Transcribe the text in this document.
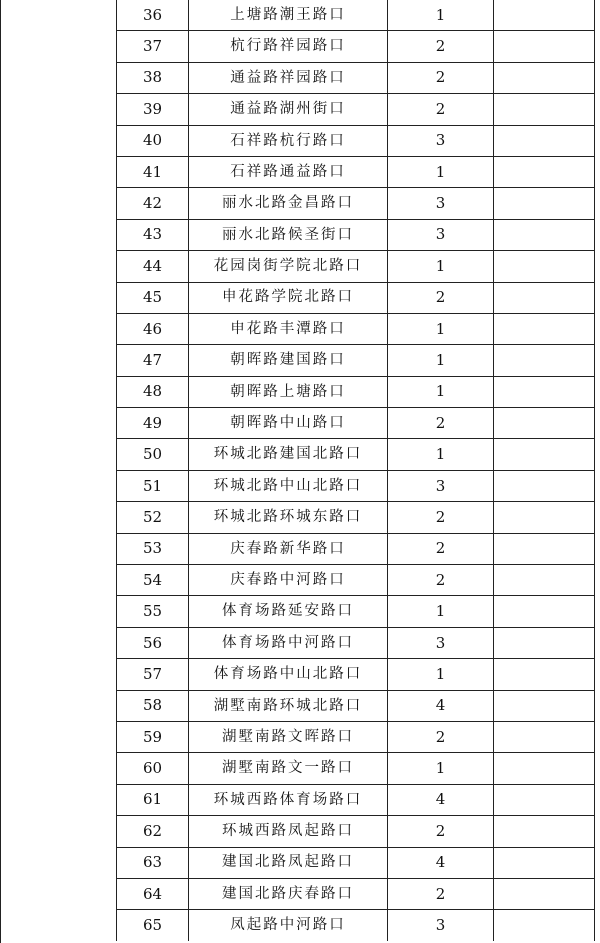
36	上塘路潮王路口	1	
37	杭行路祥园路口	2	
38	通益路祥园路口	2	
39	通益路湖州街口	2	
40	石祥路杭行路口	3	
41	石祥路通益路口	1	
42	丽水北路金昌路口	3	
43	丽水北路候圣街口	3	
44	花园岗街学院北路口	1	
45	申花路学院北路口	2	
46	申花路丰潭路口	1	
47	朝晖路建国路口	1	
48	朝晖路上塘路口	1	
49	朝晖路中山路口	2	
50	环城北路建国北路口	1	
51	环城北路中山北路口	3	
52	环城北路环城东路口	2	
53	庆春路新华路口	2	
54	庆春路中河路口	2	
55	体育场路延安路口	1	
56	体育场路中河路口	3	
57	体育场路中山北路口	1	
58	湖墅南路环城北路口	4	
59	湖墅南路文晖路口	2	
60	湖墅南路文一路口	1	
61	环城西路体育场路口	4	
62	环城西路凤起路口	2	
63	建国北路凤起路口	4	
64	建国北路庆春路口	2	
65	凤起路中河路口	3	
